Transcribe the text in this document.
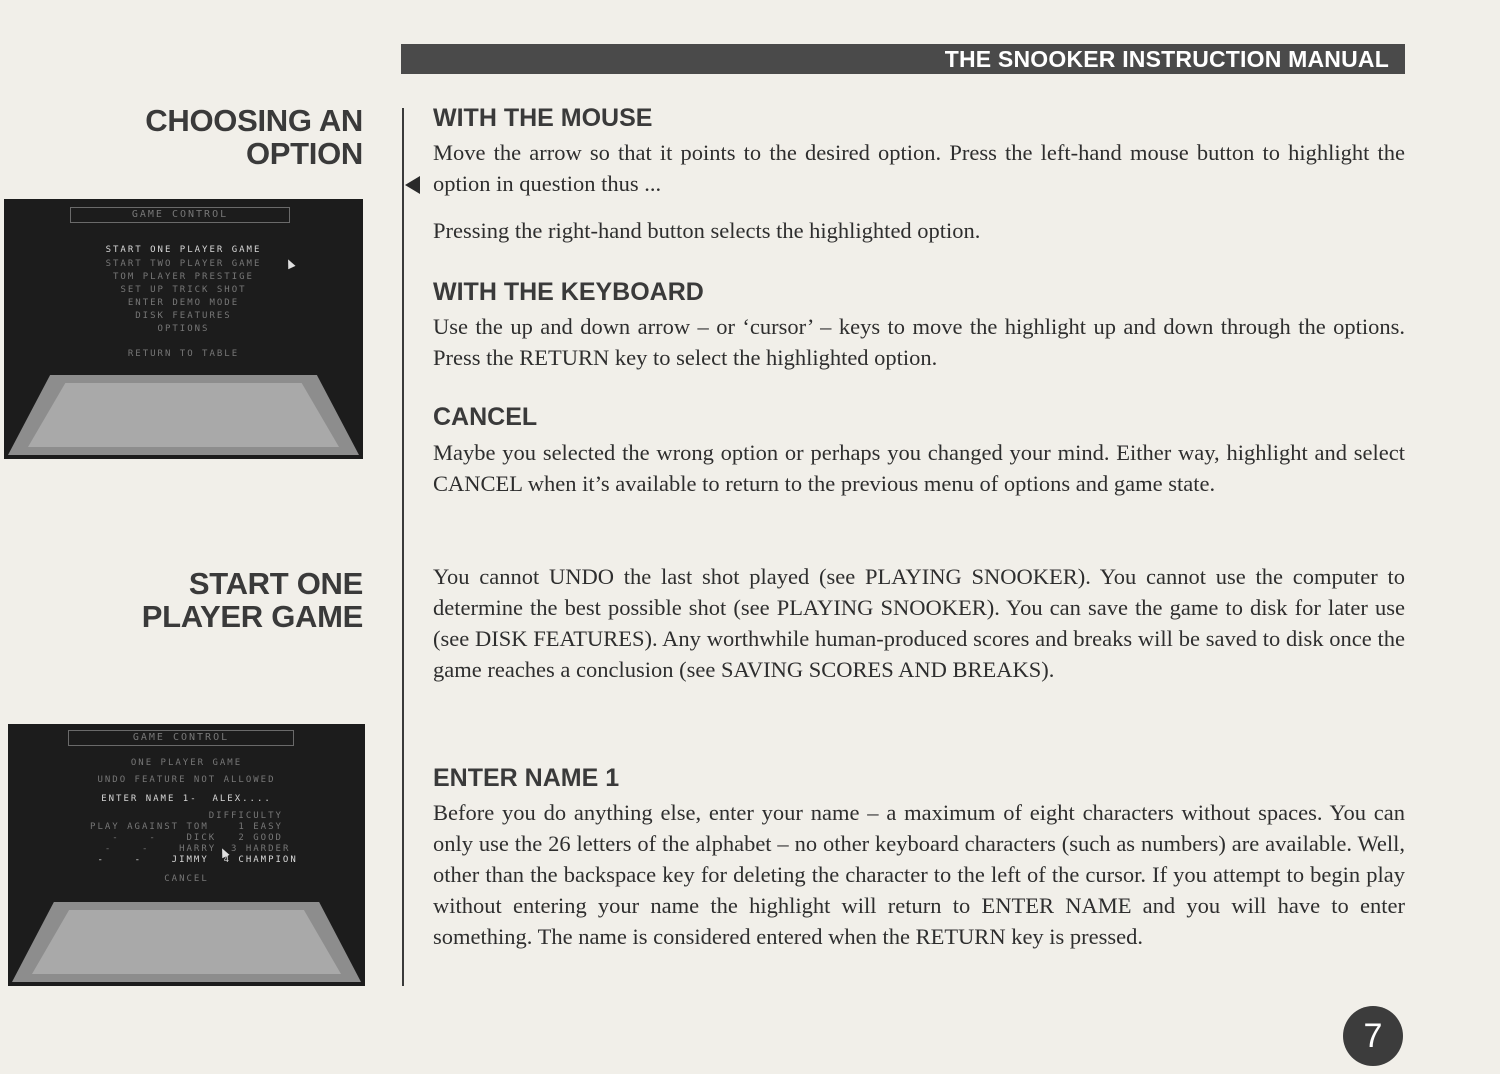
THE SNOOKER INSTRUCTION MANUAL
CHOOSING AN
OPTION
GAME CONTROL
START ONE PLAYER GAME
START TWO PLAYER GAME
TOM PLAYER PRESTIGE
SET UP TRICK SHOT
ENTER DEMO MODE
DISK FEATURES
OPTIONS
RETURN TO TABLE
START ONE
PLAYER GAME
GAME CONTROL
ONE PLAYER GAME
UNDO FEATURE NOT ALLOWED
ENTER NAME 1-  ALEX....
DIFFICULTY
PLAY AGAINST TOM    1 EASY
-    -    DICK   2 GOOD
-    -    HARRY  3 HARDER
-    -    JIMMY  4 CHAMPION
CANCEL
WITH THE MOUSE

Move the arrow so that it points to the desired option. Press the left-hand mouse button to highlight the option in question thus ...

Pressing the right-hand button selects the highlighted option.

WITH THE KEYBOARD

Use the up and down arrow – or ‘cursor’ – keys to move the highlight up and down through the options. Press the RETURN key to select the highlighted option.

CANCEL

Maybe you selected the wrong option or perhaps you changed your mind. Either way, highlight and select CANCEL when it’s available to return to the previous menu of options and game state.

You cannot UNDO the last shot played (see PLAYING SNOOKER). You cannot use the computer to determine the best possible shot (see PLAYING SNOOKER). You can save the game to disk for later use (see DISK FEATURES). Any worthwhile human-produced scores and breaks will be saved to disk once the game reaches a conclusion (see SAVING SCORES AND BREAKS).

ENTER NAME 1

Before you do anything else, enter your name – a maximum of eight characters without spaces. You can only use the 26 letters of the alphabet – no other keyboard characters (such as numbers) are available. Well, other than the backspace key for deleting the character to the left of the cursor. If you attempt to begin play without entering your name the highlight will return to ENTER NAME and you will have to enter something. The name is considered entered when the RETURN key is pressed.

7
